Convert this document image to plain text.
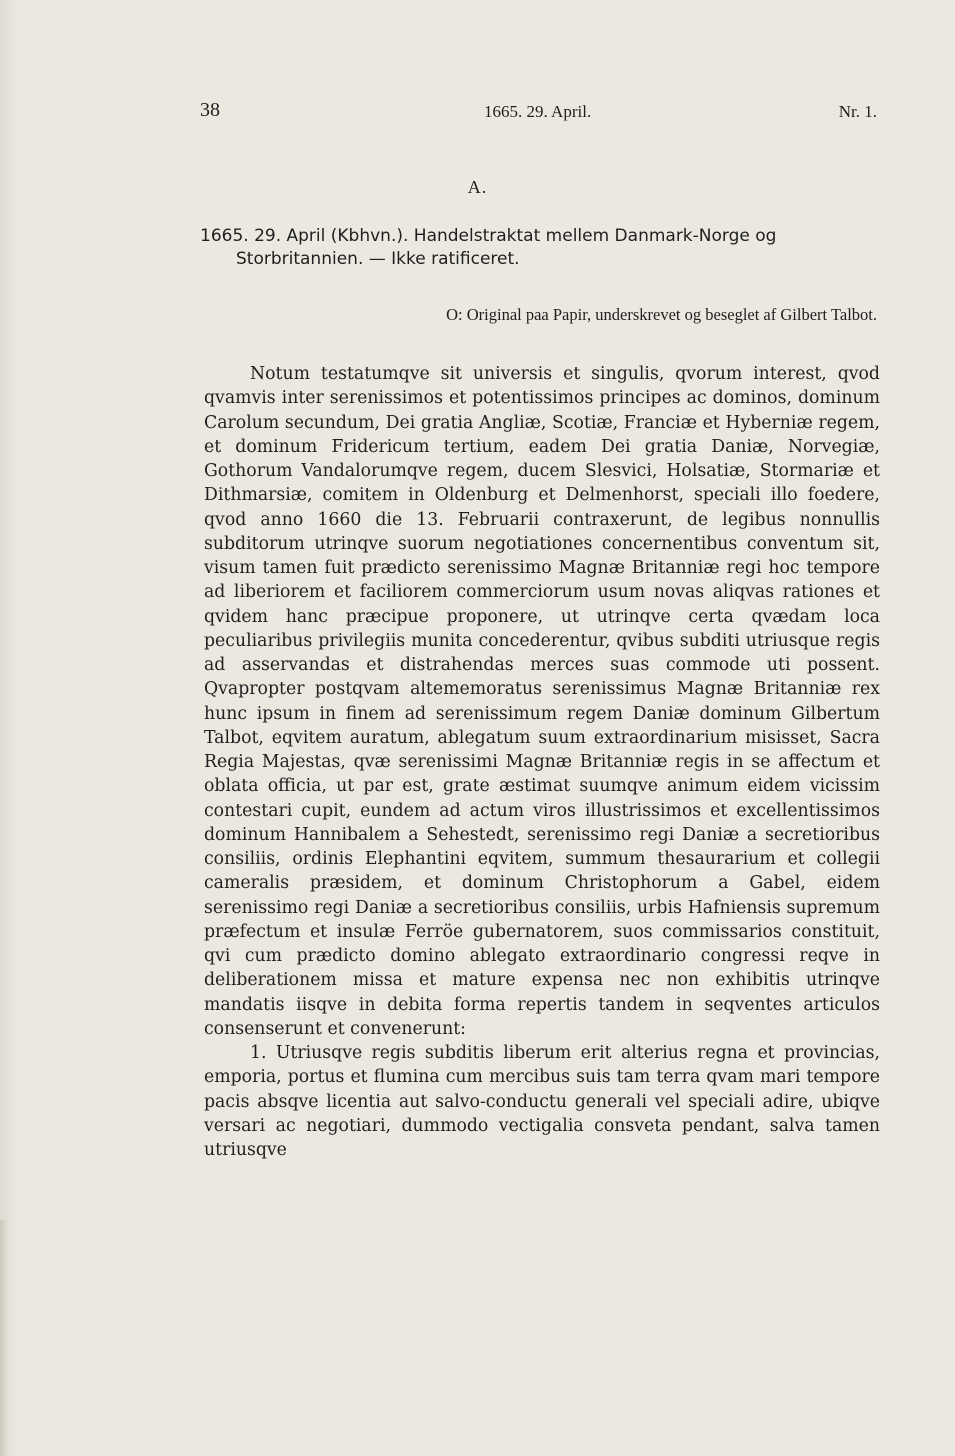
38	1665. 29. April.	Nr. 1.
A.
1665. 29. April (Kbhvn.). Handelstraktat mellem Danmark-Norge og
Storbritannien. — Ikke ratificeret.
O: Original paa Papir, underskrevet og beseglet af Gilbert Talbot.

Notum testatumqve sit universis et singulis, qvorum interest, qvod qvamvis inter serenissimos et potentissimos principes ac dominos, dominum Carolum secundum, Dei gratia Angliæ, Scotiæ, Franciæ et Hyberniæ regem, et dominum Fridericum tertium, eadem Dei gratia Daniæ, Norvegiæ, Gothorum Vandalorumqve regem, ducem Slesvici, Holsatiæ, Stormariæ et Dithmarsiæ, comitem in Oldenburg et Delmenhorst, speciali illo foedere, qvod anno 1660 die 13. Februarii contraxerunt, de legibus nonnullis subditorum utrinqve suorum negotiationes concernentibus conventum sit, visum tamen fuit prædicto serenissimo Magnæ Britanniæ regi hoc tempore ad liberiorem et faciliorem commerciorum usum novas aliqvas rationes et qvidem hanc præcipue proponere, ut utrinqve certa qvædam loca peculiaribus privilegiis munita concederentur, qvibus subditi utriusque regis ad asservandas et distrahendas merces suas commode uti possent. Qvapropter postqvam altememoratus serenissimus Magnæ Britanniæ rex hunc ipsum in finem ad serenissimum regem Daniæ dominum Gilbertum Talbot, eqvitem auratum, ablegatum suum extraordinarium misisset, Sacra Regia Majestas, qvæ serenissimi Magnæ Britanniæ regis in se affectum et oblata officia, ut par est, grate æstimat suumqve animum eidem vicissim contestari cupit, eundem ad actum viros illustrissimos et excellentissimos dominum Hannibalem a Sehestedt, serenissimo regi Daniæ a secretioribus consiliis, ordinis Elephantini eqvitem, summum thesaurarium et collegii cameralis præsidem, et dominum Christophorum a Gabel, eidem serenissimo regi Daniæ a secretioribus consiliis, urbis Hafniensis supremum præfectum et insulæ Ferröe gubernatorem, suos commissarios constituit, qvi cum prædicto domino ablegato extraordinario congressi reqve in deliberationem missa et mature expensa nec non exhibitis utrinqve mandatis iisqve in debita forma repertis tandem in seqventes articulos consenserunt et convenerunt:

1. Utriusqve regis subditis liberum erit alterius regna et provincias, emporia, portus et flumina cum mercibus suis tam terra qvam mari tempore pacis absqve licentia aut salvo-conductu generali vel speciali adire, ubiqve versari ac negotiari, dummodo vectigalia consveta pendant, salva tamen utriusqve
